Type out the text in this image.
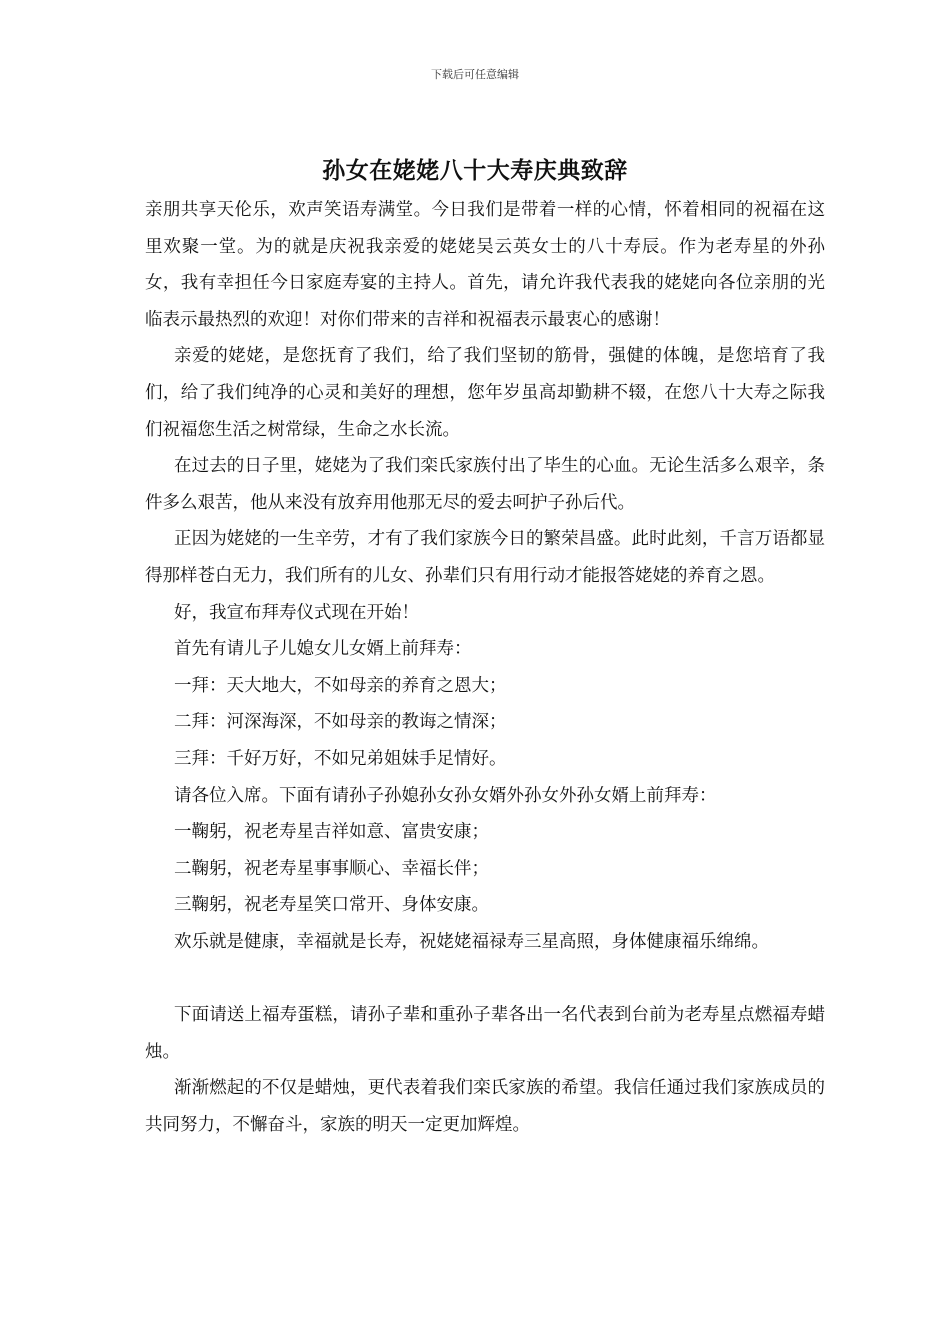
下载后可任意编辑
孙女在姥姥八十大寿庆典致辞

亲朋共享天伦乐，欢声笑语寿满堂。今日我们是带着一样的心情，怀着相同的祝福在这里欢聚一堂。为的就是庆祝我亲爱的姥姥吴云英女士的八十寿辰。作为老寿星的外孙女，我有幸担任今日家庭寿宴的主持人。首先，请允许我代表我的姥姥向各位亲朋的光临表示最热烈的欢迎！对你们带来的吉祥和祝福表示最衷心的感谢！

亲爱的姥姥，是您抚育了我们，给了我们坚韧的筋骨，强健的体魄，是您培育了我们，给了我们纯净的心灵和美好的理想，您年岁虽高却勤耕不辍，在您八十大寿之际我们祝福您生活之树常绿，生命之水长流。

在过去的日子里，姥姥为了我们栾氏家族付出了毕生的心血。无论生活多么艰辛，条件多么艰苦，他从来没有放弃用他那无尽的爱去呵护子孙后代。

正因为姥姥的一生辛劳，才有了我们家族今日的繁荣昌盛。此时此刻，千言万语都显得那样苍白无力，我们所有的儿女、孙辈们只有用行动才能报答姥姥的养育之恩。

好，我宣布拜寿仪式现在开始！

首先有请儿子儿媳女儿女婿上前拜寿：

一拜：天大地大，不如母亲的养育之恩大；

二拜：河深海深，不如母亲的教诲之情深；

三拜：千好万好，不如兄弟姐妹手足情好。

请各位入席。下面有请孙子孙媳孙女孙女婿外孙女外孙女婿上前拜寿：

一鞠躬，祝老寿星吉祥如意、富贵安康；

二鞠躬，祝老寿星事事顺心、幸福长伴；

三鞠躬，祝老寿星笑口常开、身体安康。

欢乐就是健康，幸福就是长寿，祝姥姥福禄寿三星高照，身体健康福乐绵绵。

下面请送上福寿蛋糕，请孙子辈和重孙子辈各出一名代表到台前为老寿星点燃福寿蜡烛。

渐渐燃起的不仅是蜡烛，更代表着我们栾氏家族的希望。我信任通过我们家族成员的共同努力，不懈奋斗，家族的明天一定更加辉煌。
